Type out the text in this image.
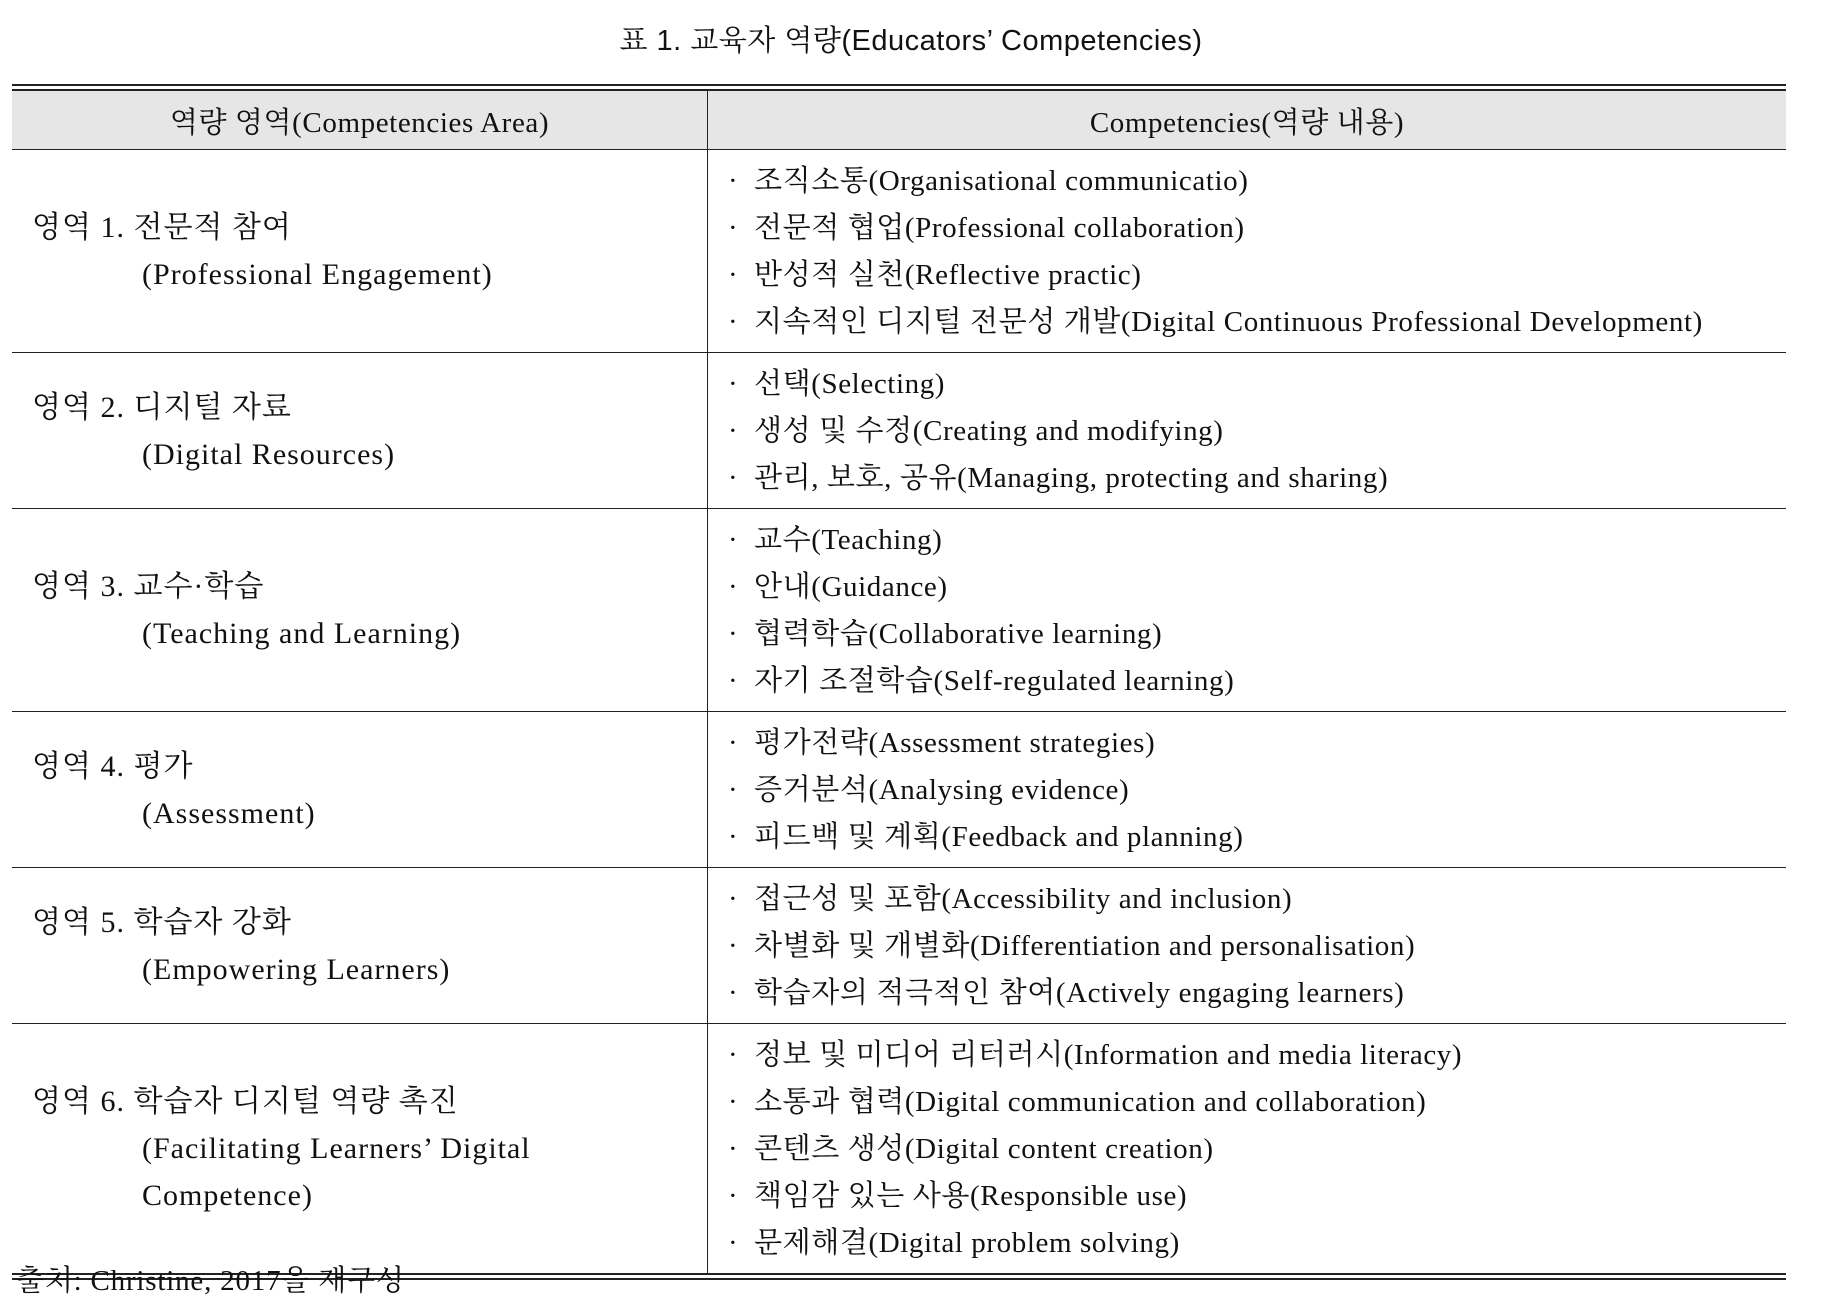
표 1. 교육자 역량(Educators’ Competencies)
역량 영역(Competencies Area)	Competencies(역량 내용)
영역 1. 전문적 참여
(Professional Engagement)
· 조직소통(Organisational communicatio)
· 전문적 협업(Professional collaboration)
· 반성적 실천(Reflective practic)
· 지속적인 디지털 전문성 개발(Digital Continuous Professional Development)
영역 2. 디지털 자료
(Digital Resources)
· 선택(Selecting)
· 생성 및 수정(Creating and modifying)
· 관리, 보호, 공유(Managing, protecting and sharing)
영역 3. 교수·학습
(Teaching and Learning)
· 교수(Teaching)
· 안내(Guidance)
· 협력학습(Collaborative learning)
· 자기 조절학습(Self-regulated learning)
영역 4. 평가
(Assessment)
· 평가전략(Assessment strategies)
· 증거분석(Analysing evidence)
· 피드백 및 계획(Feedback and planning)
영역 5. 학습자 강화
(Empowering Learners)
· 접근성 및 포함(Accessibility and inclusion)
· 차별화 및 개별화(Differentiation and personalisation)
· 학습자의 적극적인 참여(Actively engaging learners)
영역 6. 학습자 디지털 역량 촉진
(Facilitating Learners’ Digital Competence)
· 정보 및 미디어 리터러시(Information and media literacy)
· 소통과 협력(Digital communication and collaboration)
· 콘텐츠 생성(Digital content creation)
· 책임감 있는 사용(Responsible use)
· 문제해결(Digital problem solving)
출처: Christine, 2017을 재구성
